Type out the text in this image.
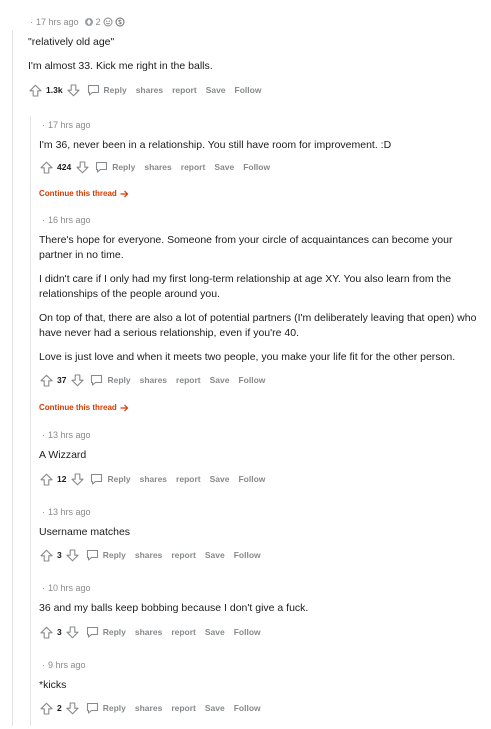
· 17 hrs ago 2

"relatively old age"

I'm almost 33. Kick me right in the balls.

1.3k	Reply shares report Save Follow
· 17 hrs ago

I'm 36, never been in a relationship. You still have room for improvement. :D

424	Reply shares report Save Follow
Continue this thread
· 16 hrs ago

There's hope for everyone. Someone from your circle of acquaintances can become your partner in no time.

I didn't care if I only had my first long-term relationship at age XY. You also learn from the relationships of the people around you.

On top of that, there are also a lot of potential partners (I'm deliberately leaving that open) who have never had a serious relationship, even if you're 40.

Love is just love and when it meets two people, you make your life fit for the other person.

37	Reply shares report Save Follow
Continue this thread
· 13 hrs ago

A Wizzard

12	Reply shares report Save Follow
· 13 hrs ago

Username matches

3	Reply shares report Save Follow
· 10 hrs ago

36 and my balls keep bobbing because I don't give a fuck.

3	Reply shares report Save Follow
· 9 hrs ago

*kicks

2	Reply shares report Save Follow
